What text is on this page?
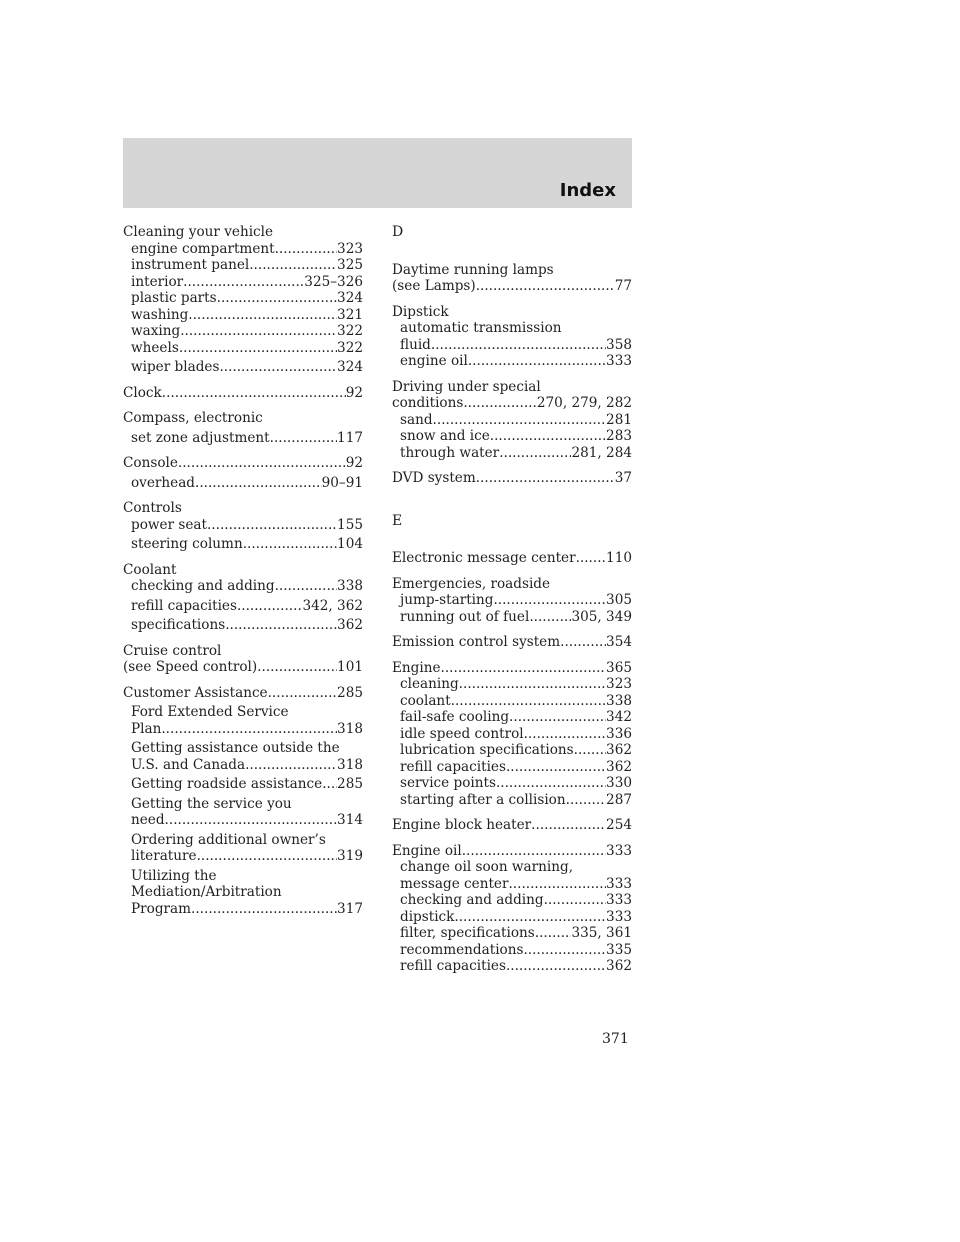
Index
Cleaning your vehicle
engine compartment .....	323
instrument panel .....	325
interior .....	325–326
plastic parts .....	324
washing .....	321
waxing .....	322
wheels .....	322
wiper blades .....	324
Clock .....	92
Compass, electronic
set zone adjustment .....	117
Console .....	92
overhead .....	90–91
Controls
power seat .....	155
steering column .....	104
Coolant
checking and adding .....	338
refill capacities .....	342, 362
specifications .....	362
Cruise control
(see Speed control) .....	101
Customer Assistance .....	285
Ford Extended Service
Plan .....	318
Getting assistance outside the
U.S. and Canada .....	318
Getting roadside assistance ..... 285
Getting the service you
need .....	314
Ordering additional owner’s
literature .....	319
Utilizing the
Mediation/Arbitration
Program .....	317
D
Daytime running lamps
(see Lamps) .....	77
Dipstick
automatic transmission
fluid .....	358
engine oil .....	333
Driving under special
conditions .....	270, 279, 282
sand .....	281
snow and ice .....	283
through water .....	281, 284
DVD system .....	37
E
Electronic message center ..... 110
Emergencies, roadside
jump-starting .....	305
running out of fuel .....	305, 349
Emission control system .....	354
Engine .....	365
cleaning .....	323
coolant .....	338
fail-safe cooling .....	342
idle speed control .....	336
lubrication specifications ..... 362
refill capacities .....	362
service points .....	330
starting after a collision .....	287
Engine block heater .....	254
Engine oil .....	333
change oil soon warning,
message center .....	333
checking and adding .....	333
dipstick .....	333
filter, specifications .....	335, 361
recommendations .....	335
refill capacities .....	362
371
